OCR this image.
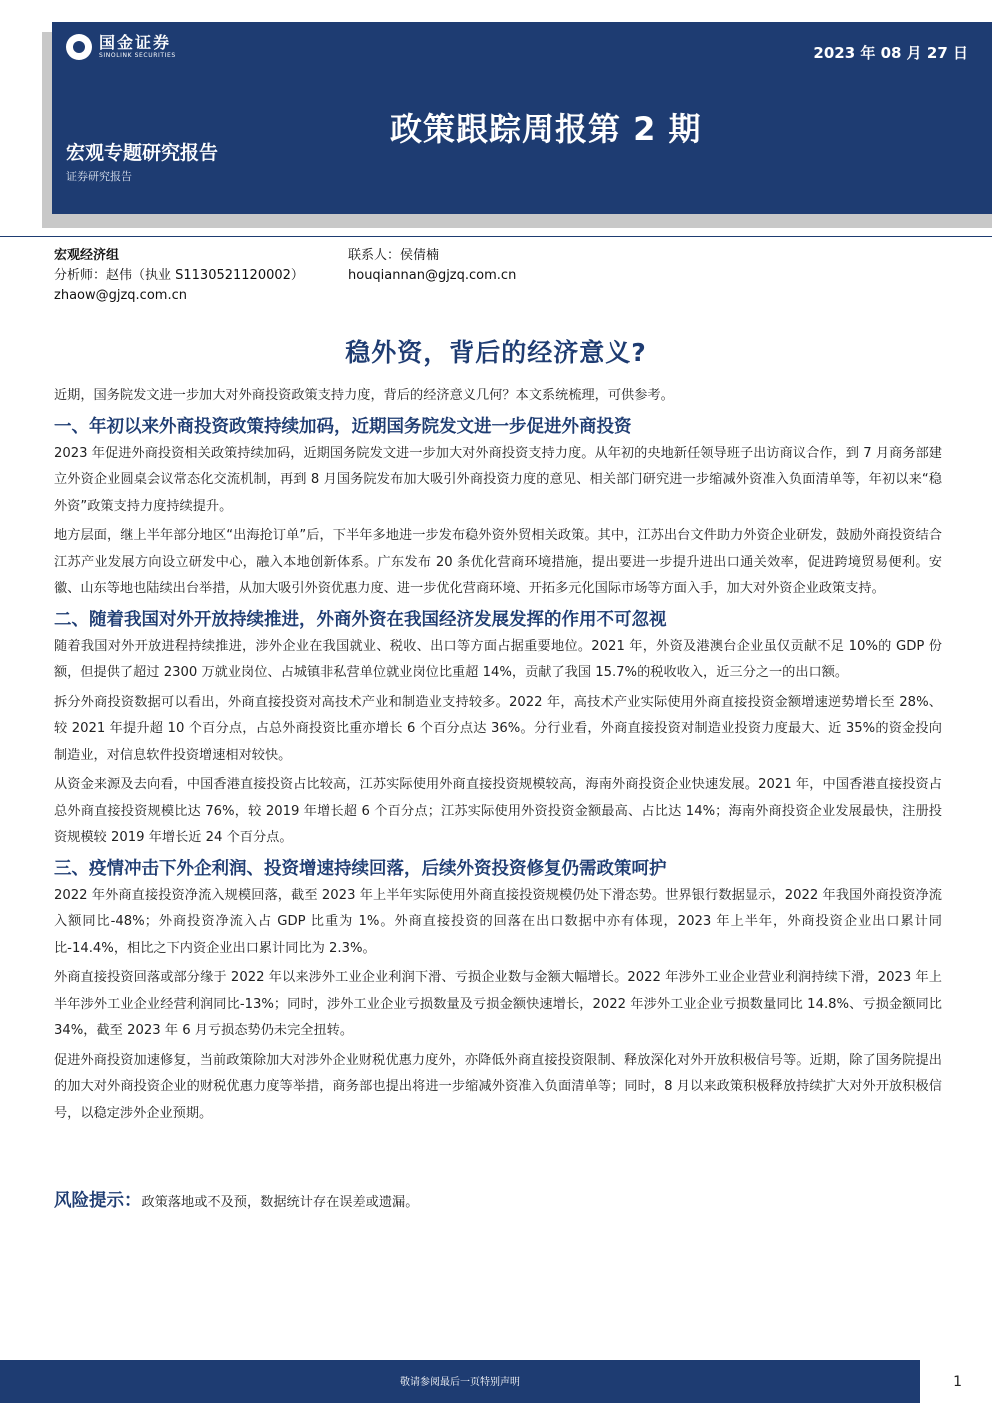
国金证券
SINOLINK SECURITIES	2023 年 08 月 27 日
政策跟踪周报第 2 期
宏观专题研究报告
证券研究报告
宏观经济组
分析师：赵伟（执业 S1130521120002）
zhaow@gjzq.com.cn
联系人：侯倩楠
houqiannan@gjzq.com.cn
稳外资，背后的经济意义?

近期，国务院发文进一步加大对外商投资政策支持力度，背后的经济意义几何？本文系统梳理，可供参考。

一、年初以来外商投资政策持续加码，近期国务院发文进一步促进外商投资

2023 年促进外商投资相关政策持续加码，近期国务院发文进一步加大对外商投资支持力度。从年初的央地新任领导班子出访商议合作，到 7 月商务部建立外资企业圆桌会议常态化交流机制，再到 8 月国务院发布加大吸引外商投资力度的意见、相关部门研究进一步缩减外资准入负面清单等，年初以来“稳外资”政策支持力度持续提升。

地方层面，继上半年部分地区“出海抢订单”后，下半年多地进一步发布稳外资外贸相关政策。其中，江苏出台文件助力外资企业研发，鼓励外商投资结合江苏产业发展方向设立研发中心，融入本地创新体系。广东发布 20 条优化营商环境措施，提出要进一步提升进出口通关效率，促进跨境贸易便利。安徽、山东等地也陆续出台举措，从加大吸引外资优惠力度、进一步优化营商环境、开拓多元化国际市场等方面入手，加大对外资企业政策支持。

二、随着我国对外开放持续推进，外商外资在我国经济发展发挥的作用不可忽视

随着我国对外开放进程持续推进，涉外企业在我国就业、税收、出口等方面占据重要地位。2021 年，外资及港澳台企业虽仅贡献不足 10%的 GDP 份额，但提供了超过 2300 万就业岗位、占城镇非私营单位就业岗位比重超 14%，贡献了我国 15.7%的税收收入，近三分之一的出口额。

拆分外商投资数据可以看出，外商直接投资对高技术产业和制造业支持较多。2022 年，高技术产业实际使用外商直接投资金额增速逆势增长至 28%、较 2021 年提升超 10 个百分点，占总外商投资比重亦增长 6 个百分点达 36%。分行业看，外商直接投资对制造业投资力度最大、近 35%的资金投向制造业，对信息软件投资增速相对较快。

从资金来源及去向看，中国香港直接投资占比较高，江苏实际使用外商直接投资规模较高，海南外商投资企业快速发展。2021 年，中国香港直接投资占总外商直接投资规模比达 76%，较 2019 年增长超 6 个百分点；江苏实际使用外资投资金额最高、占比达 14%；海南外商投资企业发展最快，注册投资规模较 2019 年增长近 24 个百分点。

三、疫情冲击下外企利润、投资增速持续回落，后续外资投资修复仍需政策呵护

2022 年外商直接投资净流入规模回落，截至 2023 年上半年实际使用外商直接投资规模仍处下滑态势。世界银行数据显示，2022 年我国外商投资净流入额同比-48%；外商投资净流入占 GDP 比重为 1%。外商直接投资的回落在出口数据中亦有体现，2023 年上半年，外商投资企业出口累计同比-14.4%，相比之下内资企业出口累计同比为 2.3%。

外商直接投资回落或部分缘于 2022 年以来涉外工业企业利润下滑、亏损企业数与金额大幅增长。2022 年涉外工业企业营业利润持续下滑，2023 年上半年涉外工业企业经营利润同比-13%；同时，涉外工业企业亏损数量及亏损金额快速增长，2022 年涉外工业企业亏损数量同比 14.8%、亏损金额同比 34%，截至 2023 年 6 月亏损态势仍未完全扭转。

促进外商投资加速修复，当前政策除加大对涉外企业财税优惠力度外，亦降低外商直接投资限制、释放深化对外开放积极信号等。近期，除了国务院提出的加大对外商投资企业的财税优惠力度等举措，商务部也提出将进一步缩减外资准入负面清单等；同时，8 月以来政策积极释放持续扩大对外开放积极信号，以稳定涉外企业预期。

风险提示：政策落地或不及预，数据统计存在误差或遗漏。
敬请参阅最后一页特别声明	1
